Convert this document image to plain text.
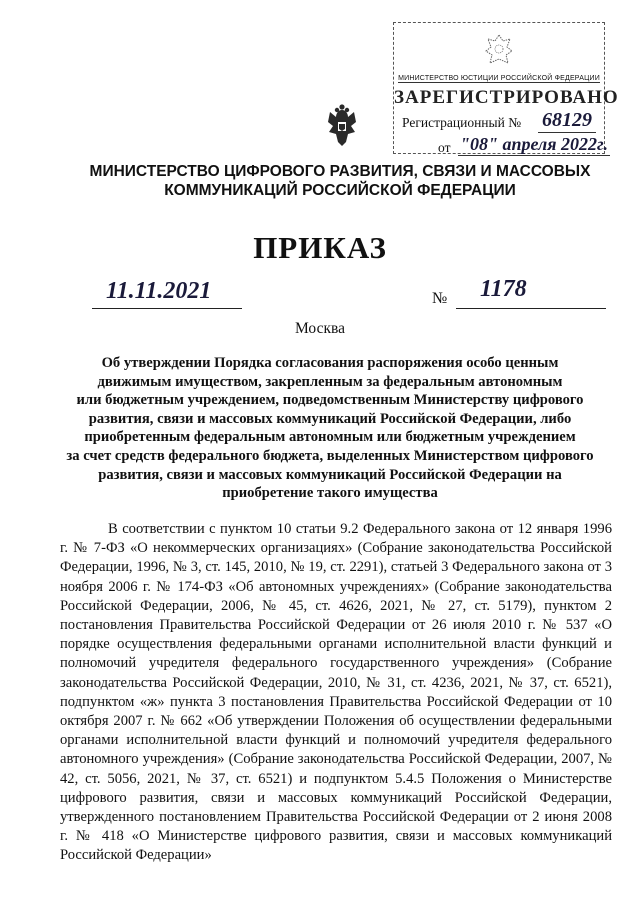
МИНИСТЕРСТВО ЮСТИЦИИ РОССИЙСКОЙ ФЕДЕРАЦИИ
ЗАРЕГИСТРИРОВАНО
Регистрационный № 68129
от "08" апреля 2022г.
МИНИСТЕРСТВО ЦИФРОВОГО РАЗВИТИЯ, СВЯЗИ И МАССОВЫХ
КОММУНИКАЦИЙ РОССИЙСКОЙ ФЕДЕРАЦИИ
ПРИКАЗ
11.11.2021	№ 1178
Москва
Об утверждении Порядка согласования распоряжения особо ценным
движимым имуществом, закрепленным за федеральным автономным
или бюджетным учреждением, подведомственным Министерству цифрового
развития, связи и массовых коммуникаций Российской Федерации, либо
приобретенным федеральным автономным или бюджетным учреждением
за счет средств федерального бюджета, выделенных Министерством цифрового
развития, связи и массовых коммуникаций Российской Федерации на
приобретение такого имущества
В соответствии с пунктом 10 статьи 9.2 Федерального закона от 12 января 1996 г. № 7-ФЗ «О некоммерческих организациях» (Собрание законодательства Российской Федерации, 1996, № 3, ст. 145, 2010, № 19, ст. 2291), статьей 3 Федерального закона от 3 ноября 2006 г. № 174-ФЗ «Об автономных учреждениях» (Собрание законодательства Российской Федерации, 2006, № 45, ст. 4626, 2021, № 27, ст. 5179), пунктом 2 постановления Правительства Российской Федерации от 26 июля 2010 г. № 537 «О порядке осуществления федеральными органами исполнительной власти функций и полномочий учредителя федерального государственного учреждения» (Собрание законодательства Российской Федерации, 2010, № 31, ст. 4236, 2021, № 37, ст. 6521), подпунктом «ж» пункта 3 постановления Правительства Российской Федерации от 10 октября 2007 г. № 662 «Об утверждении Положения об осуществлении федеральными органами исполнительной власти функций и полномочий учредителя федерального автономного учреждения» (Собрание законодательства Российской Федерации, 2007, № 42, ст. 5056, 2021, № 37, ст. 6521) и подпунктом 5.4.5 Положения о Министерстве цифрового развития, связи и массовых коммуникаций Российской Федерации, утвержденного постановлением Правительства Российской Федерации от 2 июня 2008 г. № 418 «О Министерстве цифрового развития, связи и массовых коммуникаций Российской Федерации»
